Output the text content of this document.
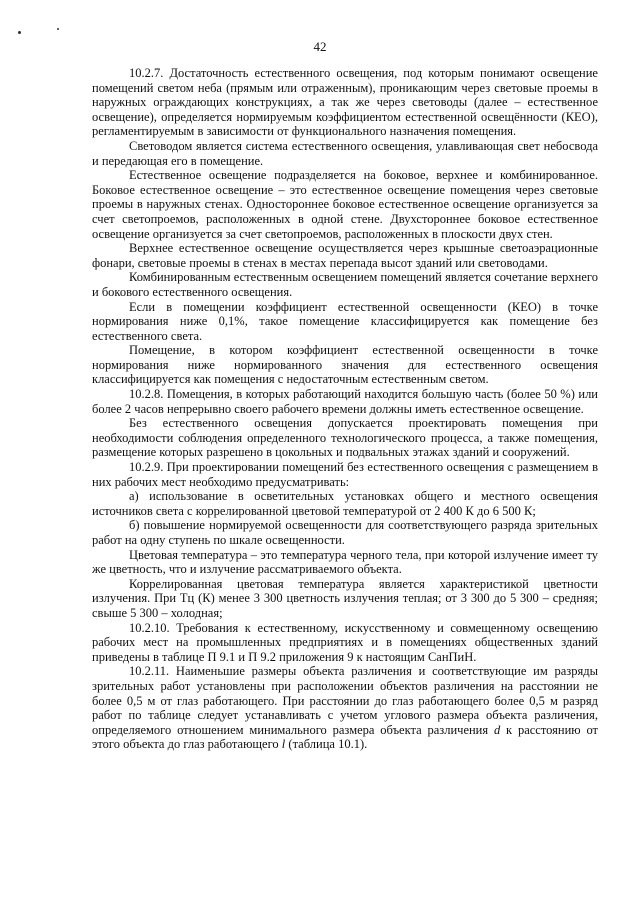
42

10.2.7. Достаточность естественного освещения, под которым понимают освещение помещений светом неба (прямым или отраженным), проникающим через световые проемы в наружных ограждающих конструкциях, а так же через световоды (далее – естественное освещение), определяется нормируемым коэффициентом естественной освещённости (КЕО), регламентируемым в зависимости от функционального назначения помещения.

Световодом является система естественного освещения, улавливающая свет небосвода и передающая его в помещение.

Естественное освещение подразделяется на боковое, верхнее и комбинированное. Боковое естественное освещение – это естественное освещение помещения через световые проемы в наружных стенах. Одностороннее боковое естественное освещение организуется за счет светопроемов, расположенных в одной стене. Двухстороннее боковое естественное освещение организуется за счет светопроемов, расположенных в плоскости двух стен.

Верхнее естественное освещение осуществляется через крышные светоаэрационные фонари, световые проемы в стенах в местах перепада высот зданий или световодами.

Комбинированным естественным освещением помещений является сочетание верхнего и бокового естественного освещения.

Если в помещении коэффициент естественной освещенности (КЕО) в точке нормирования ниже 0,1%, такое помещение классифицируется как помещение без естественного света.

Помещение, в котором коэффициент естественной освещенности в точке нормирования ниже нормированного значения для естественного освещения классифицируется как помещения с недостаточным естественным светом.

10.2.8. Помещения, в которых работающий находится большую часть (более 50 %) или более 2 часов непрерывно своего рабочего времени должны иметь естественное освещение.

Без естественного освещения допускается проектировать помещения при необходимости соблюдения определенного технологического процесса, а также помещения, размещение которых разрешено в цокольных и подвальных этажах зданий и сооружений.

10.2.9. При проектировании помещений без естественного освещения с размещением в них рабочих мест необходимо предусматривать:

а) использование в осветительных установках общего и местного освещения источников света с коррелированной цветовой температурой от 2 400 К до 6 500 К;

б) повышение нормируемой освещенности для соответствующего разряда зрительных работ на одну ступень по шкале освещенности.

Цветовая температура – это температура черного тела, при которой излучение имеет ту же цветность, что и излучение рассматриваемого объекта.

Коррелированная цветовая температура является характеристикой цветности излучения. При Тц (К) менее 3 300 цветность излучения теплая; от 3 300 до 5 300 – средняя; свыше 5 300 – холодная;

10.2.10. Требования к естественному, искусственному и совмещенному освещению рабочих мест на промышленных предприятиях и в помещениях общественных зданий приведены в таблице П 9.1 и П 9.2 приложения 9 к настоящим СанПиН.

10.2.11. Наименьшие размеры объекта различения и соответствующие им разряды зрительных работ установлены при расположении объектов различения на расстоянии не более 0,5 м от глаз работающего. При расстоянии до глаз работающего более 0,5 м разряд работ по таблице следует устанавливать с учетом углового размера объекта различения, определяемого отношением минимального размера объекта различения d к расстоянию от этого объекта до глаз работающего l (таблица 10.1).
